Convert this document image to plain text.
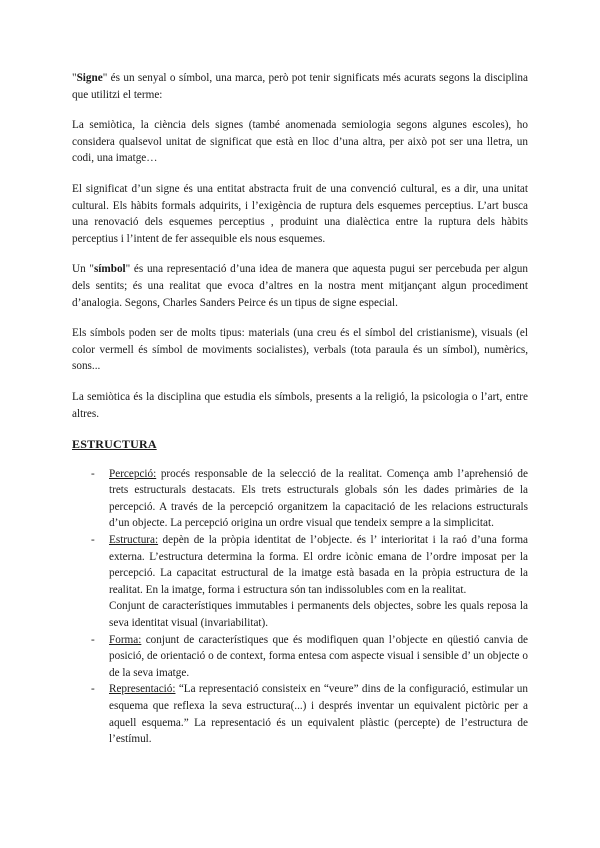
"Signe" és un senyal o símbol, una marca, però pot tenir significats més acurats segons la disciplina que utilitzi el terme:

La semiòtica, la ciència dels signes (també anomenada semiologia segons algunes escoles), ho considera qualsevol unitat de significat que està en lloc d’una altra, per això pot ser una lletra, un codi, una imatge…

El significat d’un signe és una entitat abstracta fruit de una convenció cultural, es a dir, una unitat cultural. Els hàbits formals adquirits, i l’exigència de ruptura dels esquemes perceptius. L’art busca una renovació dels esquemes perceptius , produint una dialèctica entre la ruptura dels hàbits perceptius i l’intent de fer assequible els nous esquemes.

Un "símbol" és una representació d’una idea de manera que aquesta pugui ser percebuda per algun dels sentits; és una realitat que evoca d’altres en la nostra ment mitjançant algun procediment d’analogia. Segons, Charles Sanders Peirce és un tipus de signe especial.

Els símbols poden ser de molts tipus: materials (una creu és el símbol del cristianisme), visuals (el color vermell és símbol de moviments socialistes), verbals (tota paraula és un símbol), numèrics, sons...

La semiòtica és la disciplina que estudia els símbols, presents a la religió, la psicologia o l’art, entre altres.

ESTRUCTURA

- Percepció: procés responsable de la selecció de la realitat. Comença amb l’aprehensió de trets estructurals destacats. Els trets estructurals globals són les dades primàries de la percepció. A través de la percepció organitzem la capacitació de les relacions estructurals d’un objecte. La percepció origina un ordre visual que tendeix sempre a la simplicitat.
- Estructura: depèn de la pròpia identitat de l’objecte. és l’ interioritat i la raó d’una forma externa. L’estructura determina la forma. El ordre icònic emana de l’ordre imposat per la percepció. La capacitat estructural de la imatge està basada en la pròpia estructura de la realitat. En la imatge, forma i estructura són tan indissolubles com en la realitat.
Conjunt de característiques immutables i permanents dels objectes, sobre les quals reposa la seva identitat visual (invariabilitat).
- Forma: conjunt de característiques que és modifiquen quan l’objecte en qüestió canvia de posició, de orientació o de context, forma entesa com aspecte visual i sensible d’ un objecte o de la seva imatge.
- Representació: “La representació consisteix en “veure” dins de la configuració, estimular un esquema que reflexa la seva estructura(...) i després inventar un equivalent pictòric per a aquell esquema.” La representació és un equivalent plàstic (percepte) de l’estructura de l’estímul.
